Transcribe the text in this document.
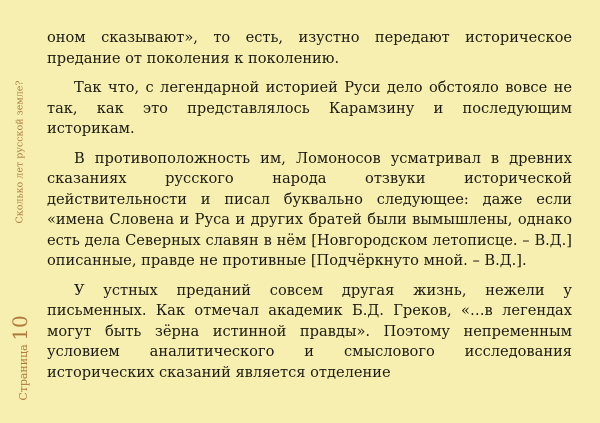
Сколько лет русской земле?
Страница 10

оном сказывают», то есть, изустно передают историческое предание от поколения к поколению.

Так что, с легендарной историей Руси дело обстояло вовсе не так, как это представлялось Карамзину и последующим историкам.

В противоположность им, Ломоносов усматривал в древних сказаниях русского народа отзвуки исторической действительности и писал буквально следующее: даже если «имена Словена и Руса и других братей были вымышлены, однако есть дела Северных славян в нём [Новгородском летописце. – В.Д.] описанные, правде не противные [Подчёркнуто мной. – В.Д.].

У устных преданий совсем другая жизнь, нежели у письменных. Как отмечал академик Б.Д. Греков, «…в легендах могут быть зёрна истинной правды». Поэтому непременным условием аналитического и смыслового исследования исторических сказаний является отделение
